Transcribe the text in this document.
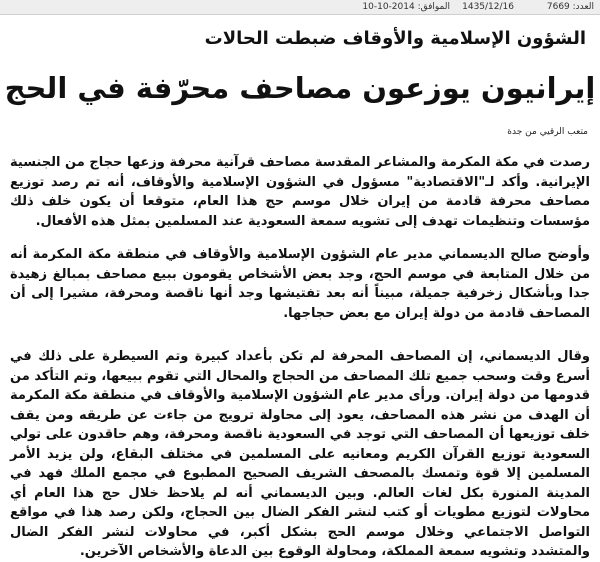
العدد: 7669
1435/12/16
الموافق: 2014-10-10
الشؤون الإسلامية والأوقاف ضبطت الحالات
إيرانيون يوزعون مصاحف محرّفة في الحج
متعب الرقيي من جدة
رصدت في مكة المكرمة والمشاعر المقدسة مصاحف قرآنية محرفة وزعها حجاج من الجنسية الإيرانية. وأكد لـ"الاقتصادية" مسؤول في الشؤون الإسلامية والأوقاف، أنه تم رصد توزيع مصاحف محرفة قادمة من إيران خلال موسم حج هذا العام، متوقعا أن يكون خلف ذلك مؤسسات وتنظيمات تهدف إلى تشويه سمعة السعودية عند المسلمين بمثل هذه الأفعال.
وأوضح صالح الديسماني مدير عام الشؤون الإسلامية والأوقاف في منطقة مكة المكرمة أنه من خلال المتابعة في موسم الحج، وجد بعض الأشخاص يقومون ببيع مصاحف بمبالغ زهيدة جدا وبأشكال زخرفية جميلة، مبيناً أنه بعد تفتيشها وجد أنها ناقصة ومحرفة، مشيرا إلى أن المصاحف قادمة من دولة إيران مع بعض حجاجها.
وقال الديسماني، إن المصاحف المحرفة لم تكن بأعداد كبيرة وتم السيطرة على ذلك في أسرع وقت وسحب جميع تلك المصاحف من الحجاج والمحال التي تقوم ببيعها، وتم التأكد من قدومها من دولة إيران. ورأى مدير عام الشؤون الإسلامية والأوقاف في منطقة مكة المكرمة أن الهدف من نشر هذه المصاحف، يعود إلى محاولة ترويج من جاءت عن طريقه ومن يقف خلف توزيعها أن المصاحف التي توجد في السعودية ناقصة ومحرفة، وهم حاقدون على تولي السعودية توزيع القرآن الكريم ومعانيه على المسلمين في مختلف البقاع، ولن يزيد الأمر المسلمين إلا قوة وتمسك بالمصحف الشريف الصحيح المطبوع في مجمع الملك فهد في المدينة المنورة بكل لغات العالم. وبين الديسماني أنه لم يلاحظ خلال حج هذا العام أي محاولات لتوزيع مطويات أو كتب لنشر الفكر الضال بين الحجاج، ولكن رصد هذا في مواقع التواصل الاجتماعي وخلال موسم الحج بشكل أكبر، في محاولات لنشر الفكر الضال والمتشدد وتشويه سمعة المملكة، ومحاولة الوقوع بين الدعاة والأشخاص الآخرين.
